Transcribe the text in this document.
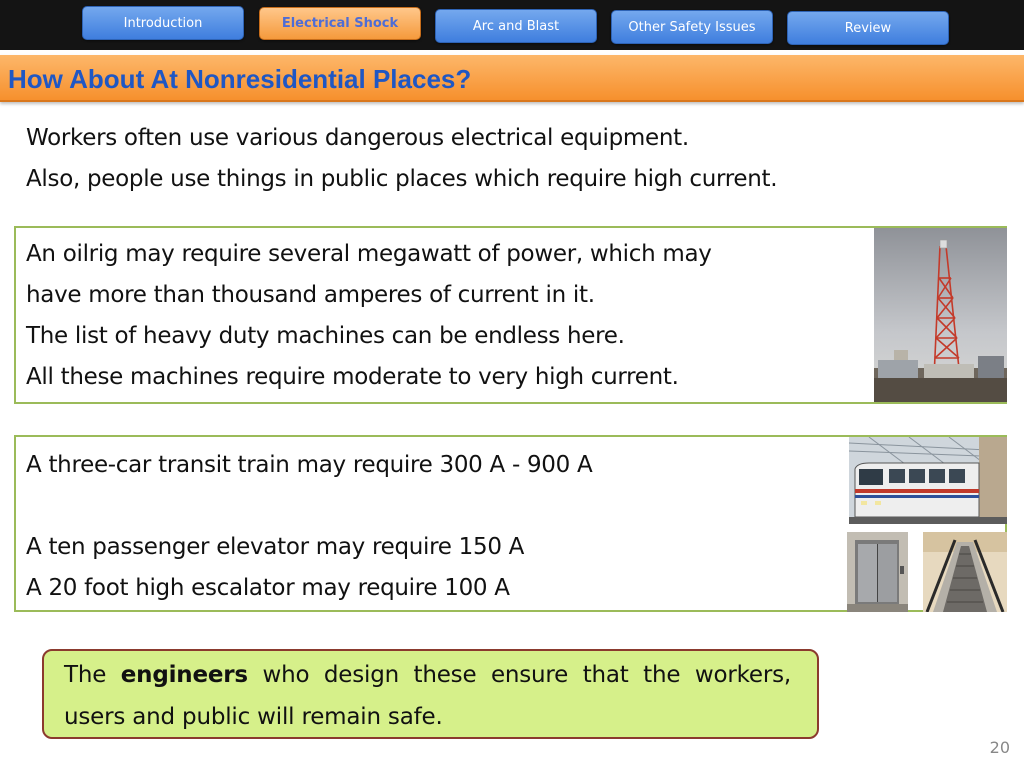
Introduction	Electrical Shock	Arc and Blast	Other Safety Issues	Review
How About At Nonresidential Places?
Workers often use various dangerous electrical equipment.
Also, people use things in public places which require high current.
An oilrig may require several megawatt of power, which may
have more than thousand amperes of current in it.
The list of heavy duty machines can be endless here.
All these machines require moderate to very high current.
A three-car transit train may require 300 A - 900 A
A ten passenger elevator may require 150 A
A 20 foot high escalator may require 100 A
The engineers who design these ensure that the workers, users and public will remain safe.
20
